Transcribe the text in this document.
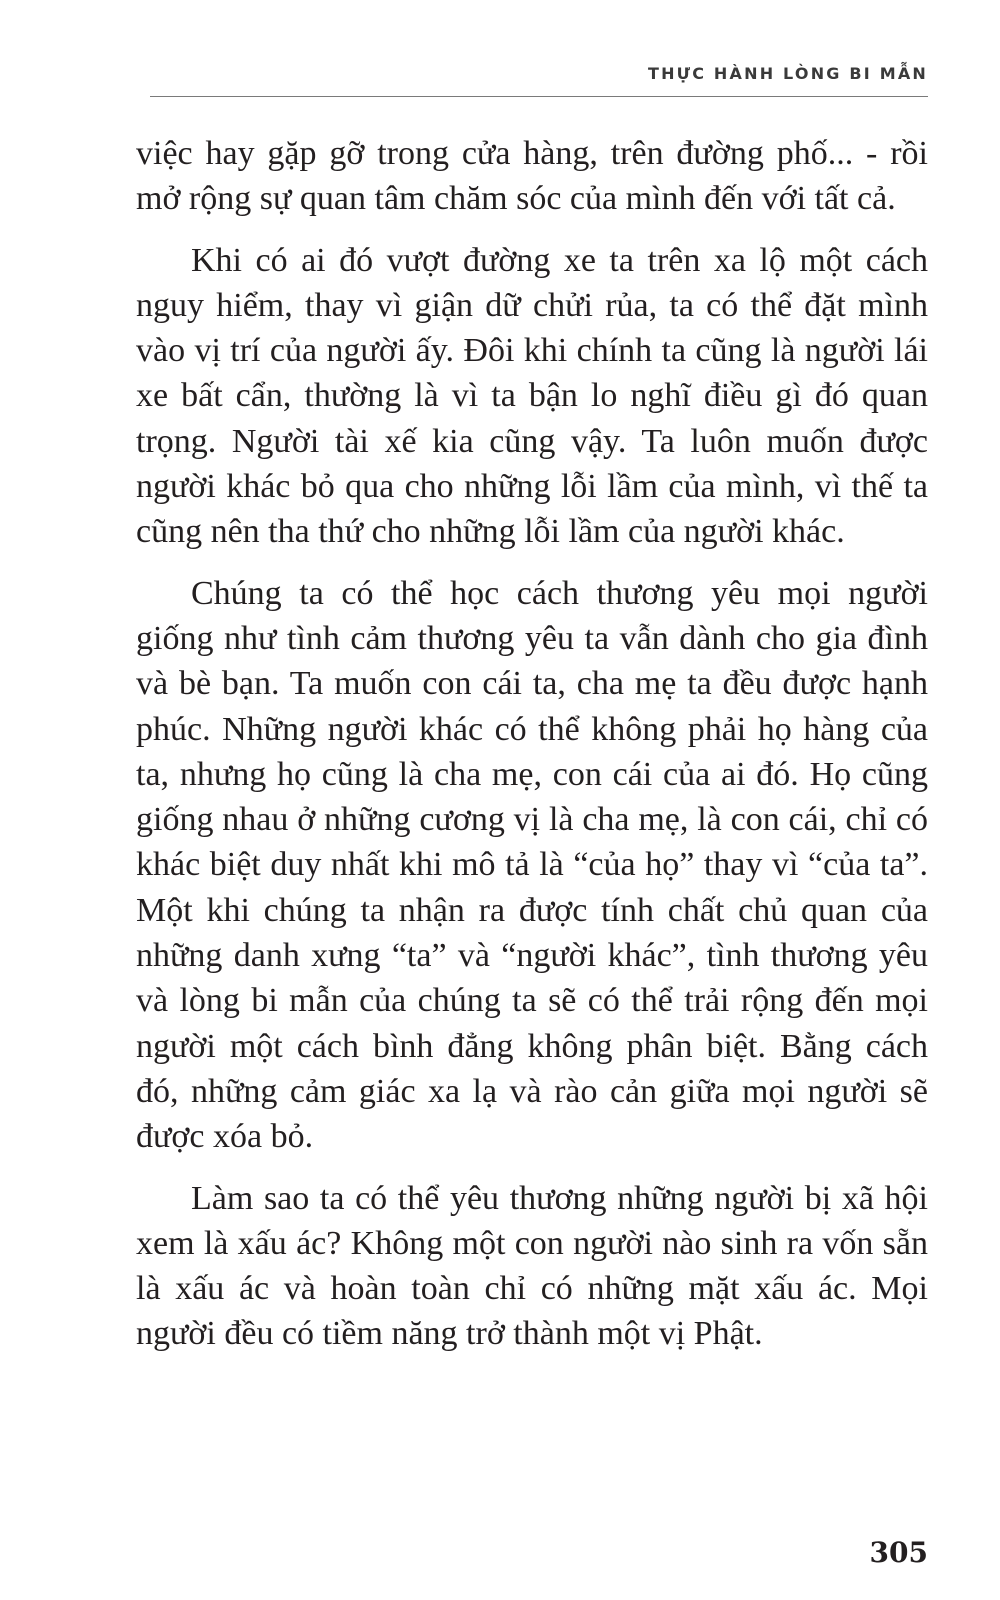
THỰC HÀNH LÒNG BI MẪN

việc hay gặp gỡ trong cửa hàng, trên đường phố... - rồi mở rộng sự quan tâm chăm sóc của mình đến với tất cả.

Khi có ai đó vượt đường xe ta trên xa lộ một cách nguy hiểm, thay vì giận dữ chửi rủa, ta có thể đặt mình vào vị trí của người ấy. Đôi khi chính ta cũng là người lái xe bất cẩn, thường là vì ta bận lo nghĩ điều gì đó quan trọng. Người tài xế kia cũng vậy. Ta luôn muốn được người khác bỏ qua cho những lỗi lầm của mình, vì thế ta cũng nên tha thứ cho những lỗi lầm của người khác.

Chúng ta có thể học cách thương yêu mọi người giống như tình cảm thương yêu ta vẫn dành cho gia đình và bè bạn. Ta muốn con cái ta, cha mẹ ta đều được hạnh phúc. Những người khác có thể không phải họ hàng của ta, nhưng họ cũng là cha mẹ, con cái của ai đó. Họ cũng giống nhau ở những cương vị là cha mẹ, là con cái, chỉ có khác biệt duy nhất khi mô tả là “của họ” thay vì “của ta”. Một khi chúng ta nhận ra được tính chất chủ quan của những danh xưng “ta” và “người khác”, tình thương yêu và lòng bi mẫn của chúng ta sẽ có thể trải rộng đến mọi người một cách bình đẳng không phân biệt. Bằng cách đó, những cảm giác xa lạ và rào cản giữa mọi người sẽ được xóa bỏ.

Làm sao ta có thể yêu thương những người bị xã hội xem là xấu ác? Không một con người nào sinh ra vốn sẵn là xấu ác và hoàn toàn chỉ có những mặt xấu ác. Mọi người đều có tiềm năng trở thành một vị Phật.

305
